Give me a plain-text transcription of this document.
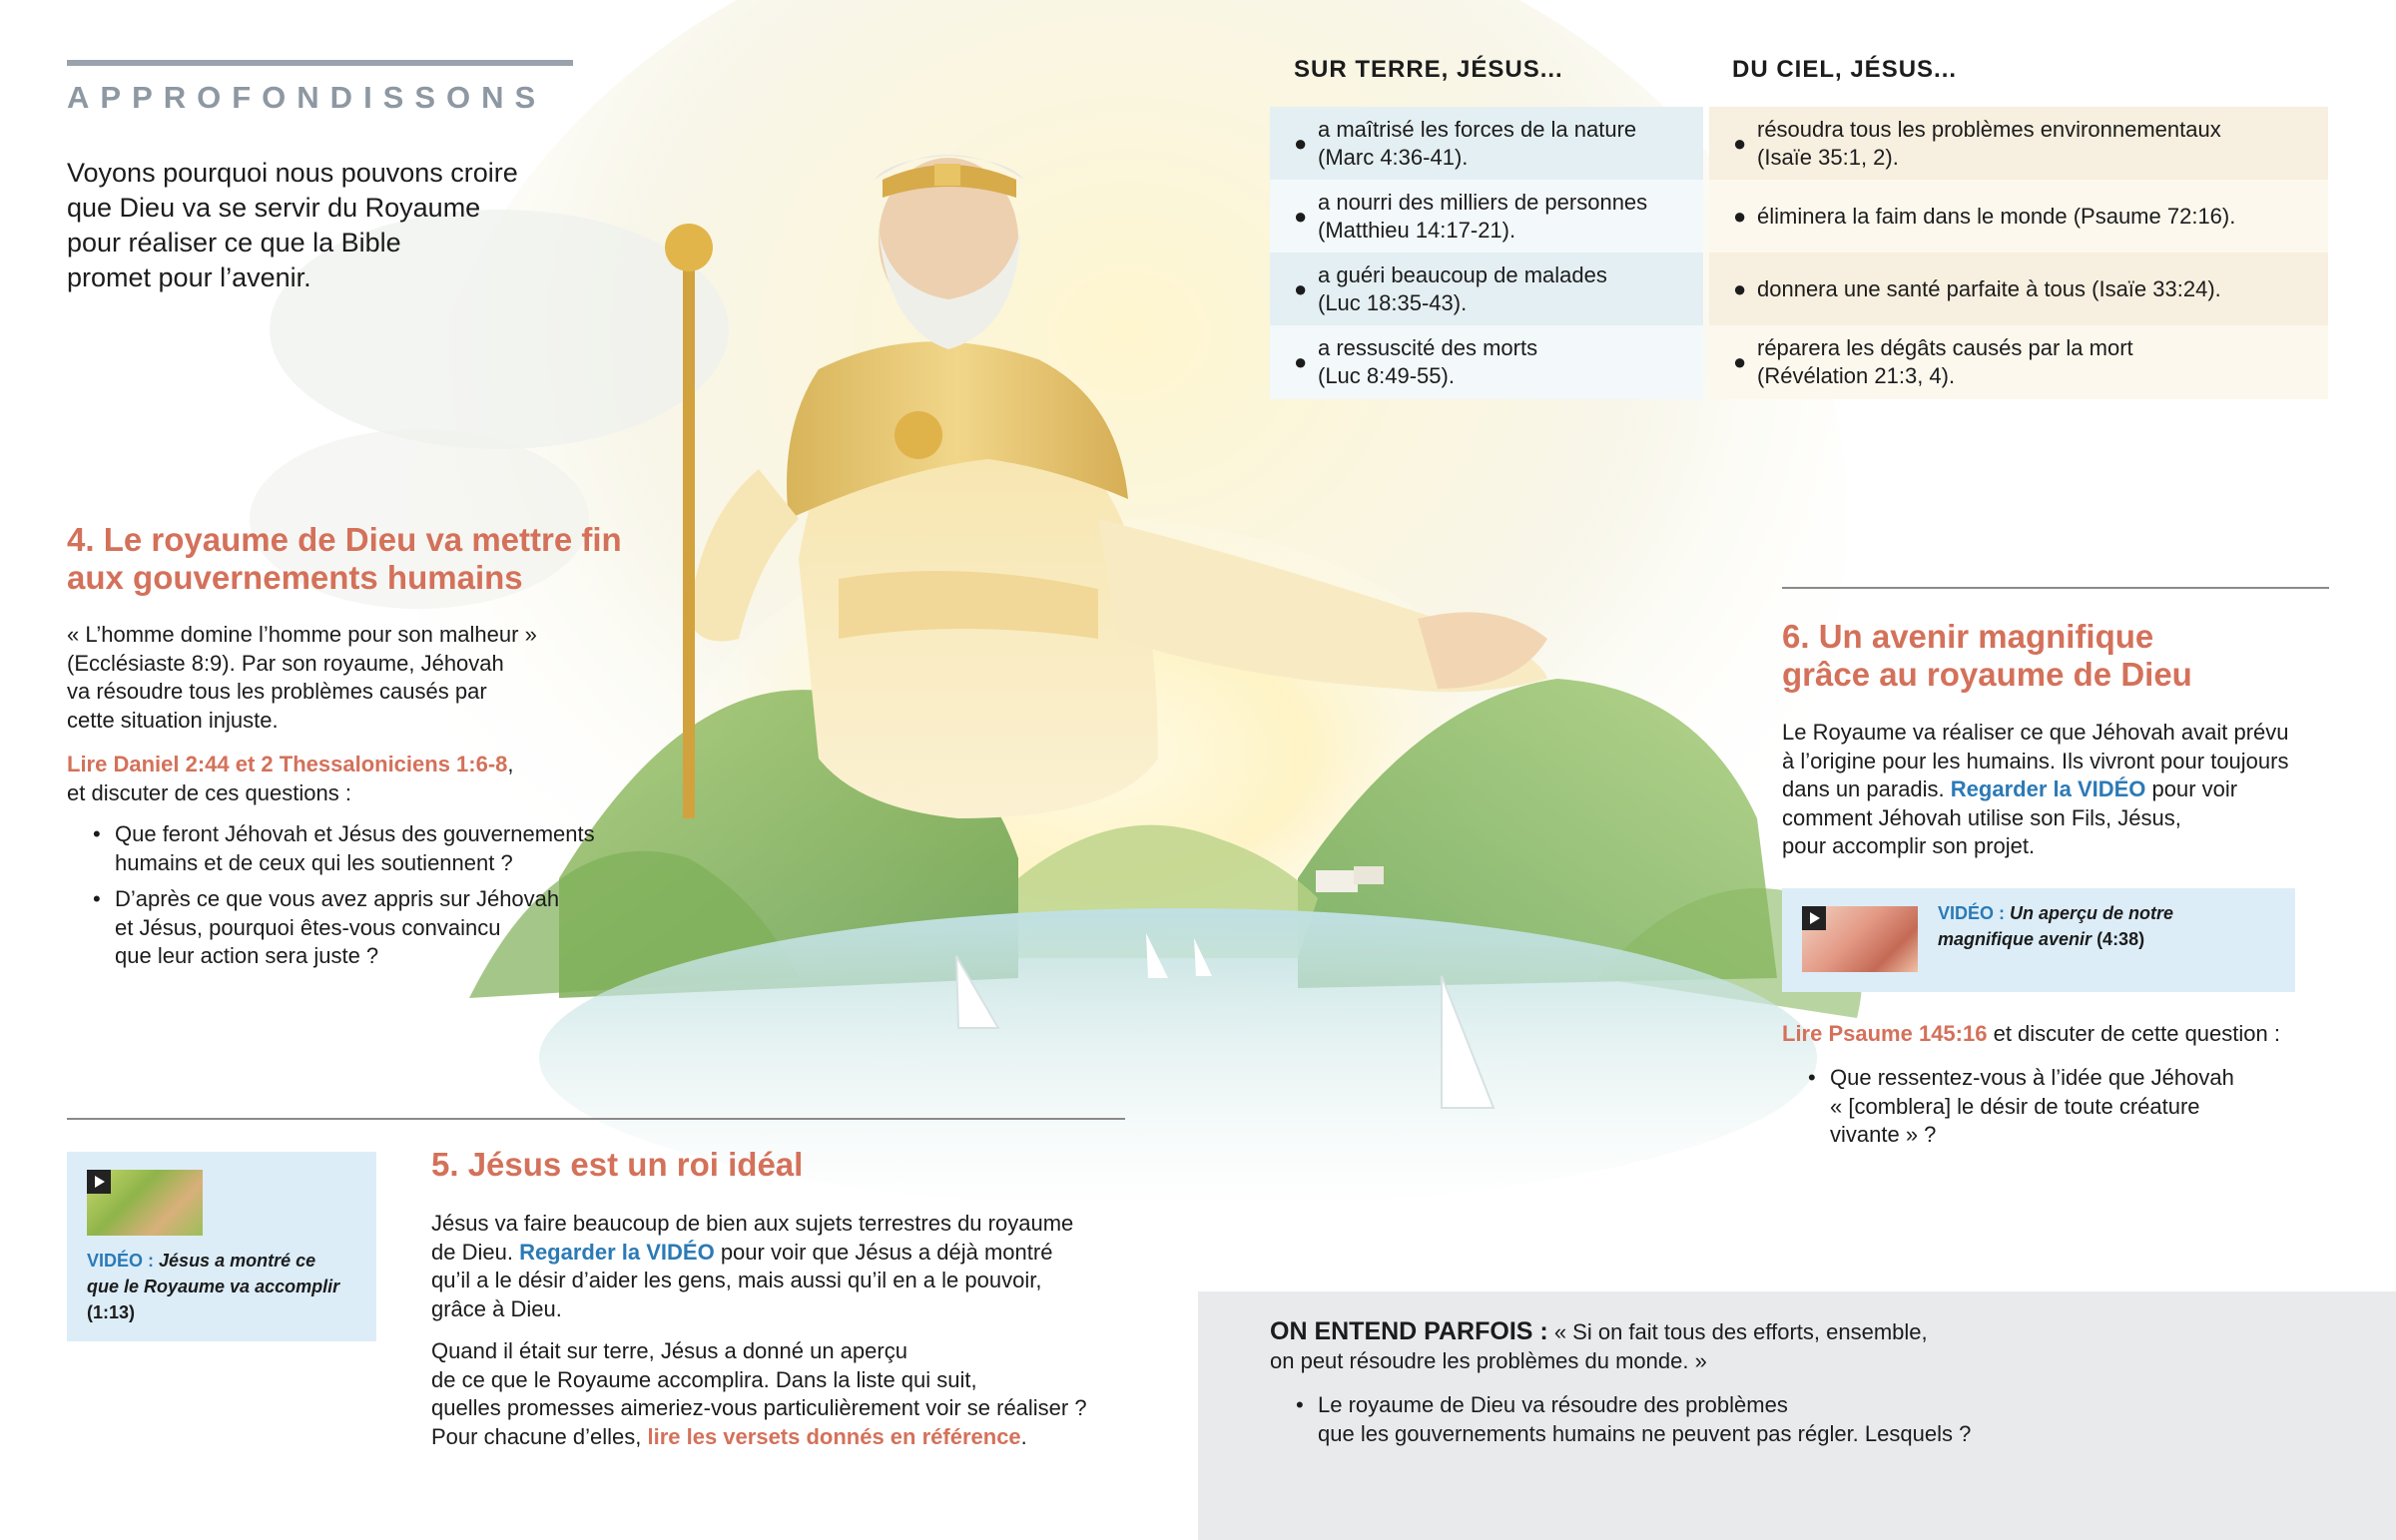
APPROFONDISSONS
Voyons pourquoi nous pouvons croire
que Dieu va se servir du Royaume
pour réaliser ce que la Bible
promet pour l’avenir.
SUR TERRE, JÉSUS...	DU CIEL, JÉSUS...
●
a maîtrisé les forces de la nature
(Marc 4:36-41).
●
résoudra tous les problèmes environnementaux
(Isaïe 35:1, 2).
●
a nourri des milliers de personnes
(Matthieu 14:17-21).
● éliminera la faim dans le monde (Psaume 72:16).
●
a guéri beaucoup de malades
(Luc 18:35-43).
● donnera une santé parfaite à tous (Isaïe 33:24).
●
a ressuscité des morts
(Luc 8:49-55).
●
réparera les dégâts causés par la mort
(Révélation 21:3, 4).
4. Le royaume de Dieu va mettre fin
aux gouvernements humains
« L’homme domine l’homme pour son malheur »
(Ecclésiaste 8:9). Par son royaume, Jéhovah
va résoudre tous les problèmes causés par
cette situation injuste.
Lire Daniel 2:44 et 2 Thessaloniciens 1:6-8,
et discuter de ces questions :
• Que feront Jéhovah et Jésus des gouvernements
humains et de ceux qui les soutiennent ?
• D’après ce que vous avez appris sur Jéhovah
et Jésus, pourquoi êtes-vous convaincu
que leur action sera juste ?
VIDÉO : Jésus a montré ce
que le Royaume va accomplir
(1:13)
5. Jésus est un roi idéal
Jésus va faire beaucoup de bien aux sujets terrestres du royaume
de Dieu. Regarder la VIDÉO pour voir que Jésus a déjà montré
qu’il a le désir d’aider les gens, mais aussi qu’il en a le pouvoir,
grâce à Dieu.
Quand il était sur terre, Jésus a donné un aperçu
de ce que le Royaume accomplira. Dans la liste qui suit,
quelles promesses aimeriez-vous particulièrement voir se réaliser ?
Pour chacune d’elles, lire les versets donnés en référence.
6. Un avenir magnifique
grâce au royaume de Dieu
Le Royaume va réaliser ce que Jéhovah avait prévu
à l’origine pour les humains. Ils vivront pour toujours
dans un paradis. Regarder la VIDÉO pour voir
comment Jéhovah utilise son Fils, Jésus,
pour accomplir son projet.
VIDÉO : Un aperçu de notre
magnifique avenir (4:38)
Lire Psaume 145:16 et discuter de cette question :
• Que ressentez-vous à l’idée que Jéhovah
« [comblera] le désir de toute créature
vivante » ?
ON ENTEND PARFOIS : « Si on fait tous des efforts, ensemble,
on peut résoudre les problèmes du monde. »
• Le royaume de Dieu va résoudre des problèmes
que les gouvernements humains ne peuvent pas régler. Lesquels ?
